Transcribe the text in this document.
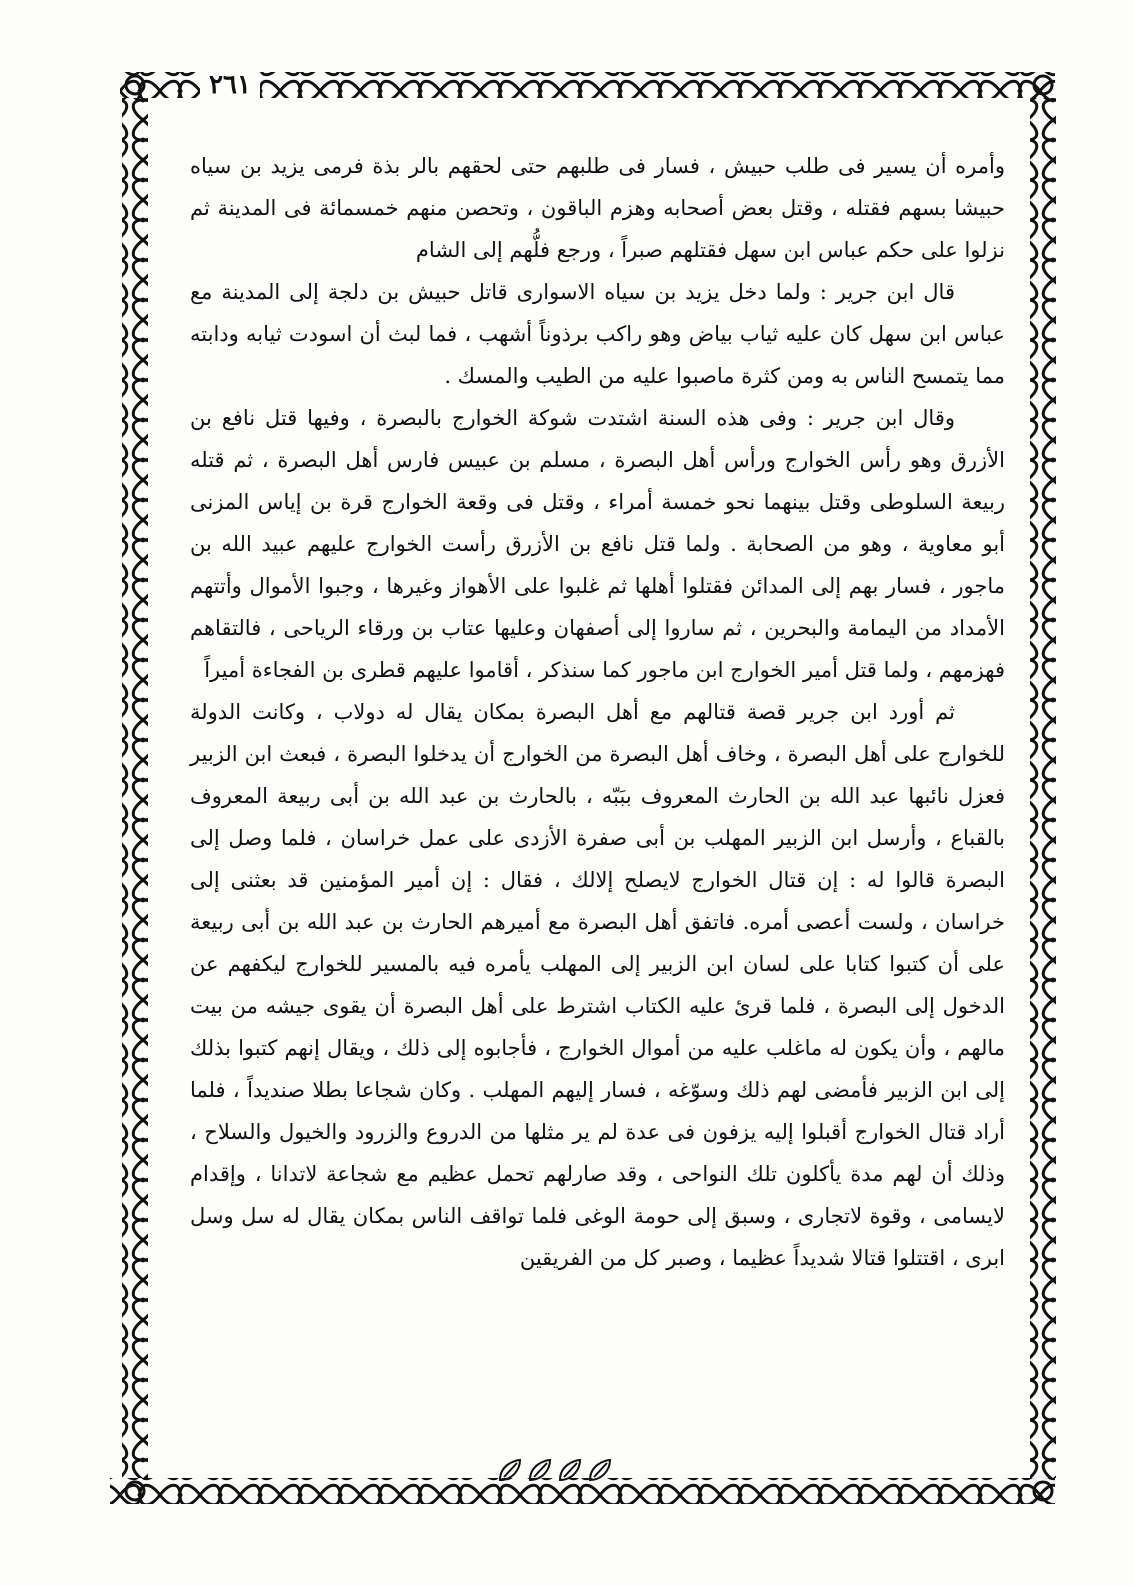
٢٦١

وأمره أن يسير فى طلب حبيش ، فسار فى طلبهم حتى لحقهم بالر بذة فرمى يزيد بن سياه حبيشا بسهم فقتله ، وقتل بعض أصحابه وهزم الباقون ، وتحصن منهم خمسمائة فى المدينة ثم نزلوا على حكم عباس ابن سهل فقتلهم صبراً ، ورجع فلُّهم إلى الشام

قال ابن جرير : ولما دخل يزيد بن سياه الاسوارى قاتل حبيش بن دلجة إلى المدينة مع عباس ابن سهل كان عليه ثياب بياض وهو راكب برذوناً أشهب ، فما لبث أن اسودت ثيابه ودابته مما يتمسح الناس به ومن كثرة ماصبوا عليه من الطيب والمسك .

وقال ابن جرير : وفى هذه السنة اشتدت شوكة الخوارج بالبصرة ، وفيها قتل نافع بن الأزرق وهو رأس الخوارج ورأس أهل البصرة ، مسلم بن عبيس فارس أهل البصرة ، ثم قتله ربيعة السلوطى وقتل بينهما نحو خمسة أمراء ، وقتل فى وقعة الخوارج قرة بن إياس المزنى أبو معاوية ، وهو من الصحابة . ولما قتل نافع بن الأزرق رأست الخوارج عليهم عبيد الله بن ماجور ، فسار بهم إلى المدائن فقتلوا أهلها ثم غلبوا على الأهواز وغيرها ، وجبوا الأموال وأتتهم الأمداد من اليمامة والبحرين ، ثم ساروا إلى أصفهان وعليها عتاب بن ورقاء الرياحى ، فالتقاهم فهزمهم ، ولما قتل أمير الخوارج ابن ماجور كما سنذكر ، أقاموا عليهم قطرى بن الفجاءة أميراً

ثم أورد ابن جرير قصة قتالهم مع أهل البصرة بمكان يقال له دولاب ، وكانت الدولة للخوارج على أهل البصرة ، وخاف أهل البصرة من الخوارج أن يدخلوا البصرة ، فبعث ابن الزبير فعزل نائبها عبد الله بن الحارث المعروف ببَبّه ، بالحارث بن عبد الله بن أبى ربيعة المعروف بالقباع ، وأرسل ابن الزبير المهلب بن أبى صفرة الأزدى على عمل خراسان ، فلما وصل إلى البصرة قالوا له : إن قتال الخوارج لايصلح إلالك ، فقال : إن أمير المؤمنين قد بعثنى إلى خراسان ، ولست أعصى أمره. فاتفق أهل البصرة مع أميرهم الحارث بن عبد الله بن أبى ربيعة على أن كتبوا كتابا على لسان ابن الزبير إلى المهلب يأمره فيه بالمسير للخوارج ليكفهم عن الدخول إلى البصرة ، فلما قرئ عليه الكتاب اشترط على أهل البصرة أن يقوى جيشه من بيت مالهم ، وأن يكون له ماغلب عليه من أموال الخوارج ، فأجابوه إلى ذلك ، ويقال إنهم كتبوا بذلك إلى ابن الزبير فأمضى لهم ذلك وسوّغه ، فسار إليهم المهلب . وكان شجاعا بطلا صنديداً ، فلما أراد قتال الخوارج أقبلوا إليه يزفون فى عدة لم ير مثلها من الدروع والزرود والخيول والسلاح ، وذلك أن لهم مدة يأكلون تلك النواحى ، وقد صارلهم تحمل عظيم مع شجاعة لاتدانا ، وإقدام لايسامى ، وقوة لاتجارى ، وسبق إلى حومة الوغى فلما تواقف الناس بمكان يقال له سل وسل ابرى ، اقتتلوا قتالا شديداً عظيما ، وصبر كل من الفريقين
